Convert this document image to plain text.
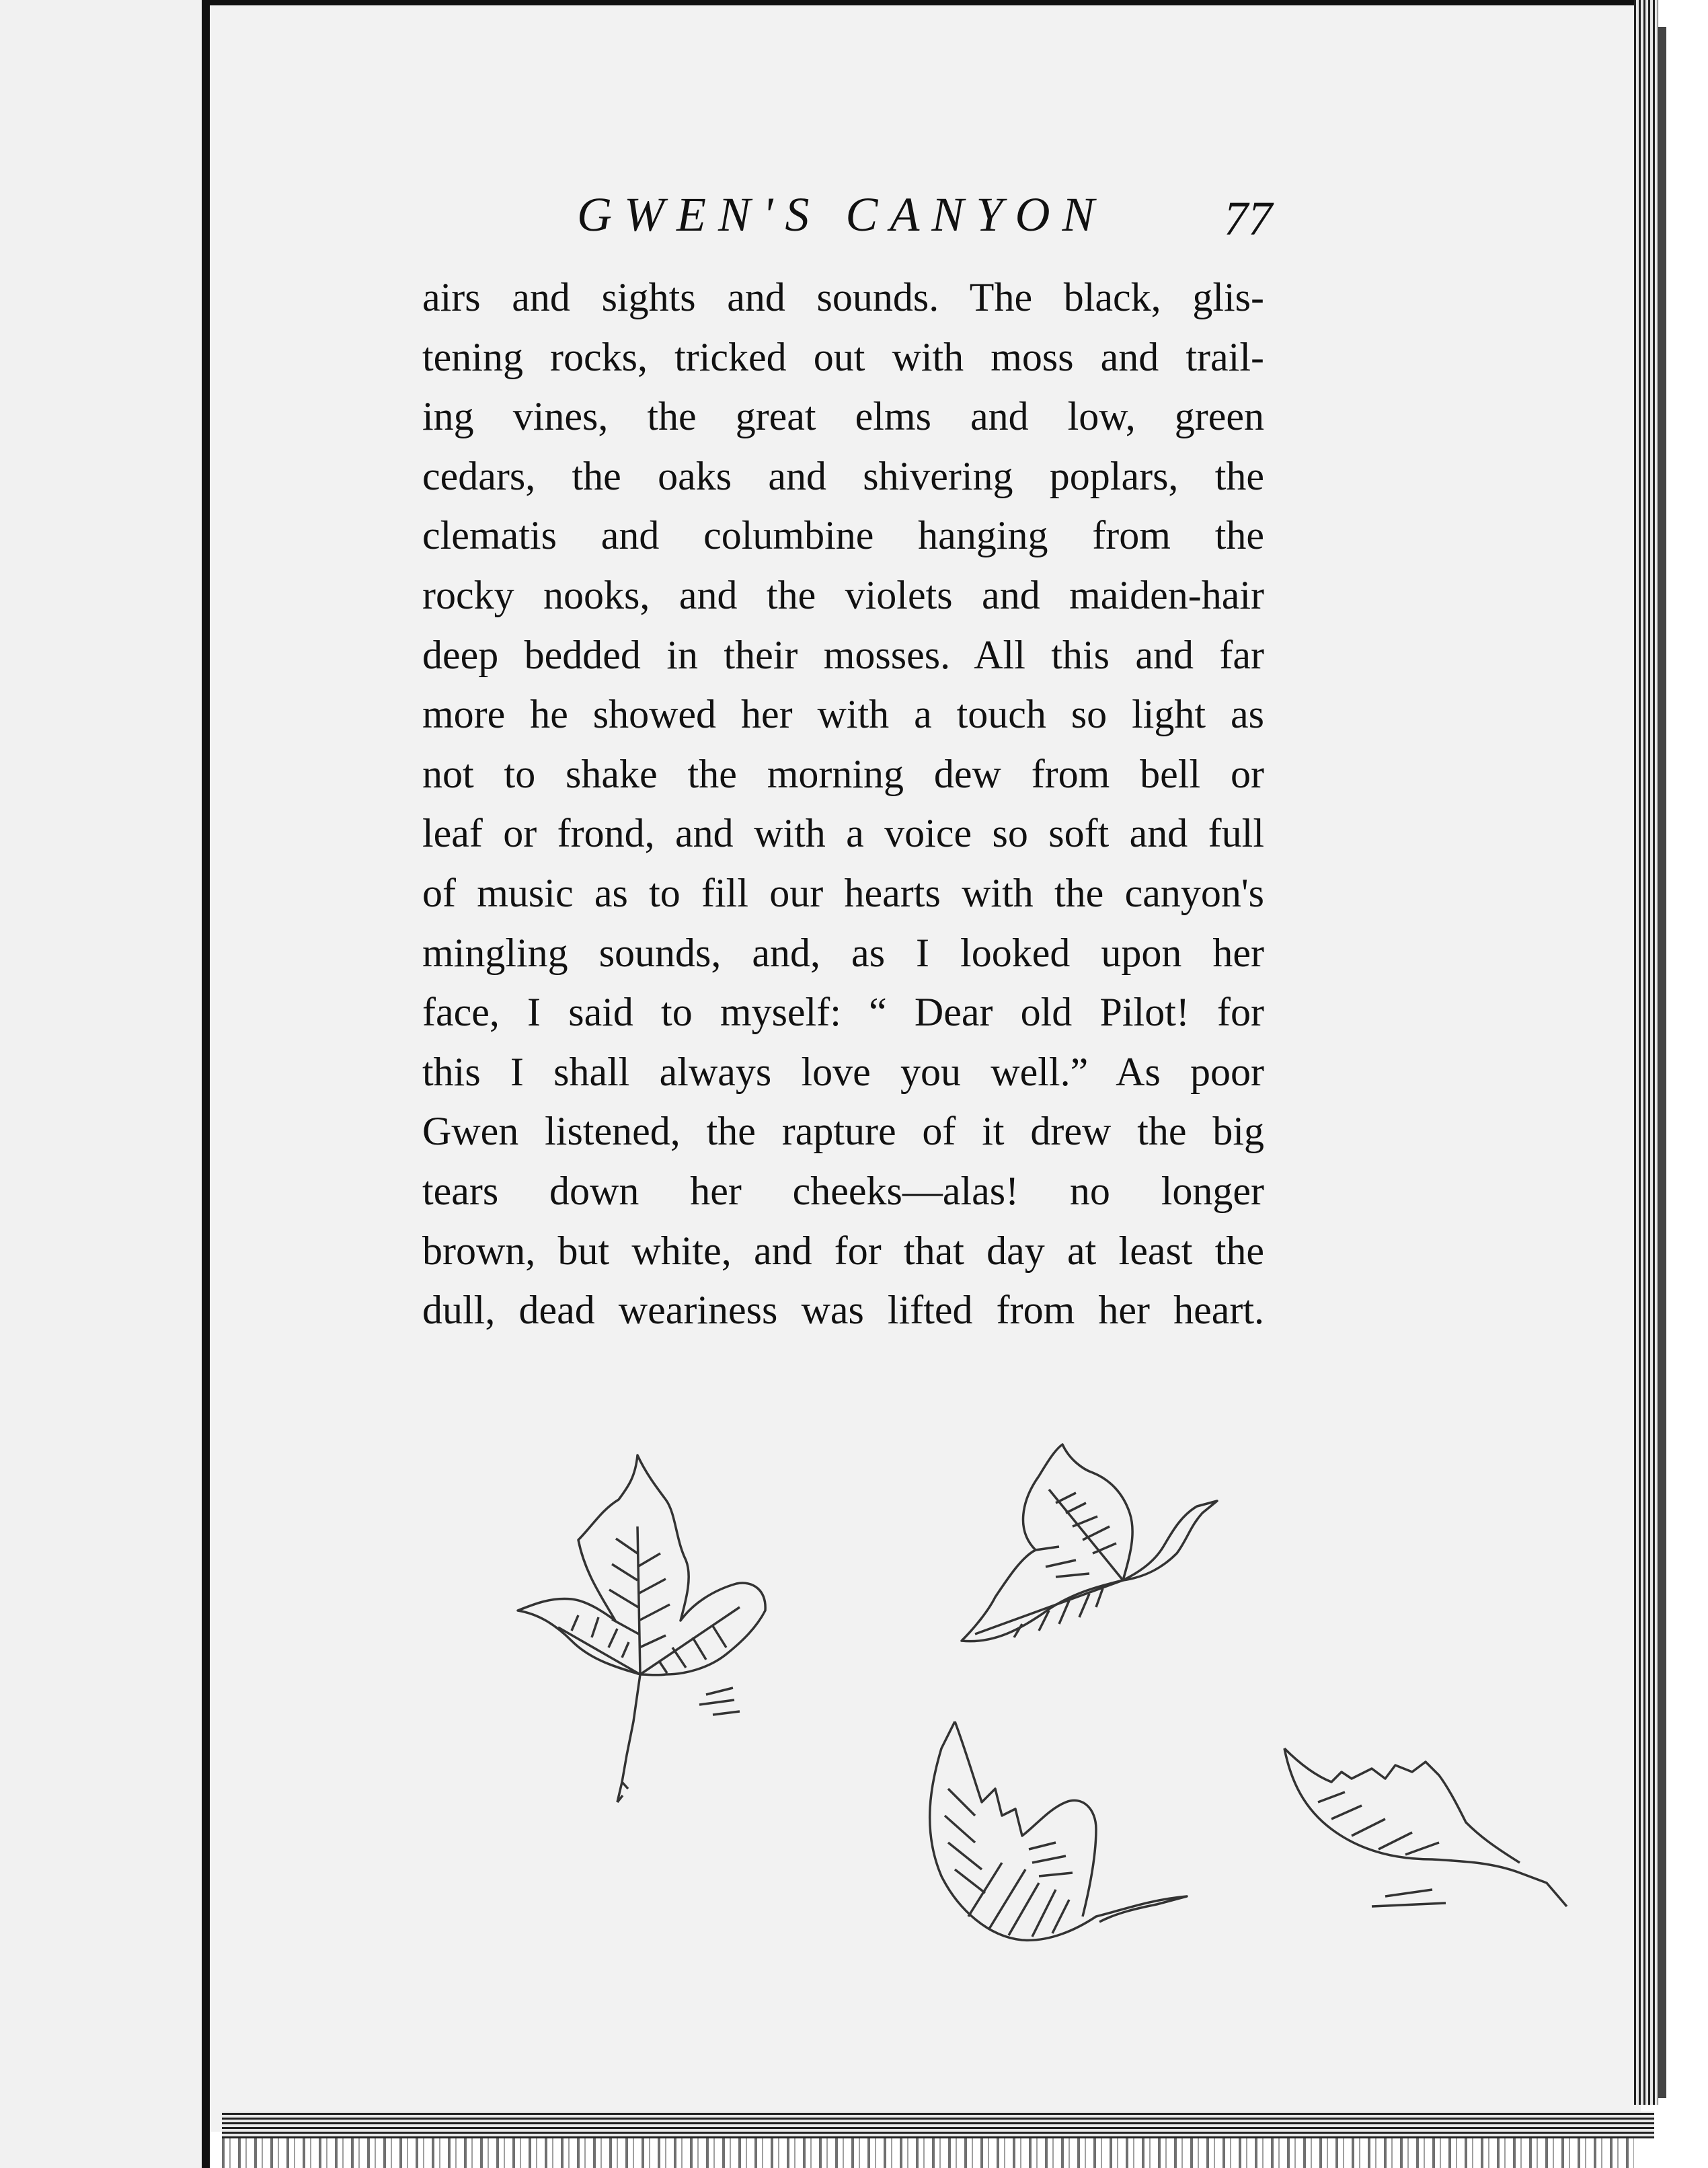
GWEN'S CANYON 77
airs and sights and sounds. The black, glis-
tening rocks, tricked out with moss and trail-
ing vines, the great elms and low, green
cedars, the oaks and shivering poplars, the
clematis and columbine hanging from the
rocky nooks, and the violets and maiden-hair
deep bedded in their mosses. All this and far
more he showed her with a touch so light as
not to shake the morning dew from bell or
leaf or frond, and with a voice so soft and full
of music as to fill our hearts with the canyon's
mingling sounds, and, as I looked upon her
face, I said to myself: “ Dear old Pilot! for
this I shall always love you well.” As poor
Gwen listened, the rapture of it drew the big
tears down her cheeks—alas! no longer
brown, but white, and for that day at least the
dull, dead weariness was lifted from her heart.
